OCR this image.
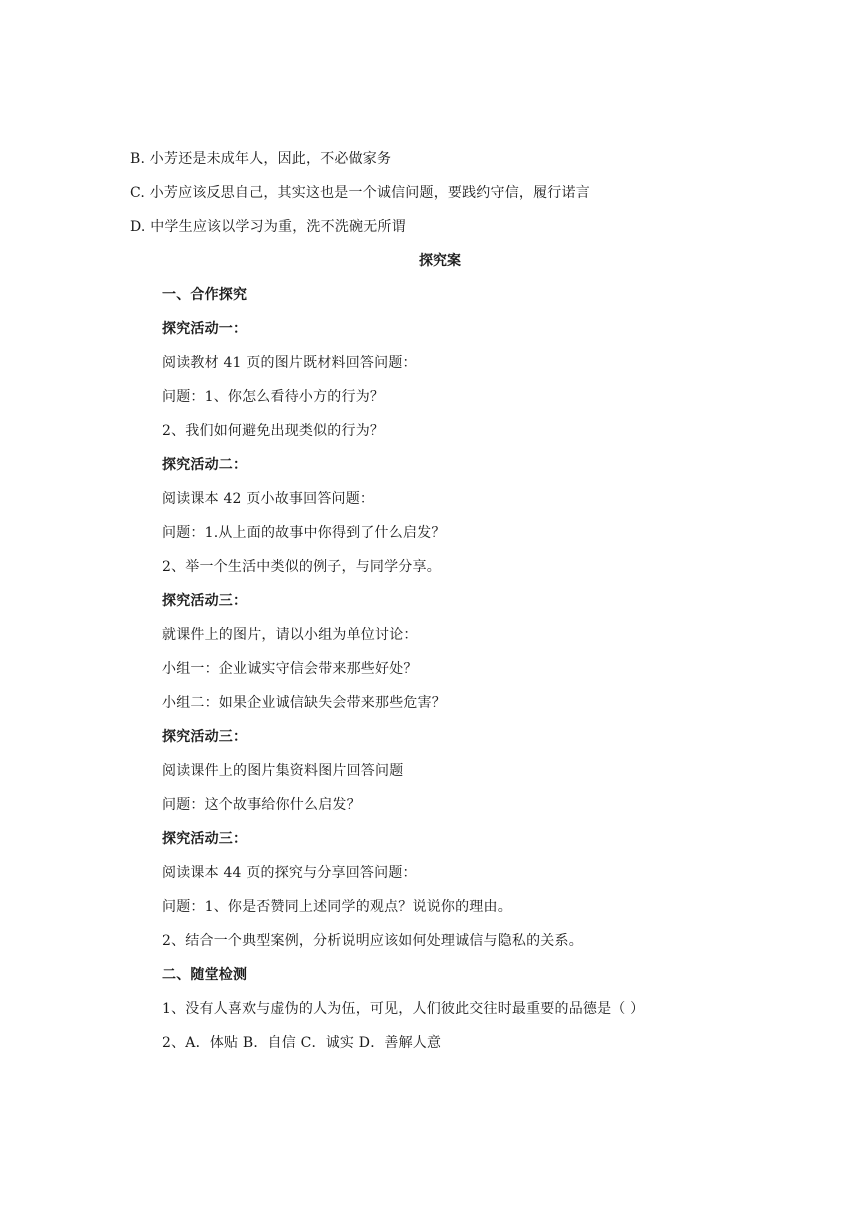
B. 小芳还是未成年人，因此，不必做家务
C. 小芳应该反思自己，其实这也是一个诚信问题，要践约守信，履行诺言
D. 中学生应该以学习为重，洗不洗碗无所谓
探究案
一、合作探究
探究活动一：
阅读教材 41 页的图片既材料回答问题：
问题：1、你怎么看待小方的行为？
2、我们如何避免出现类似的行为？
探究活动二：
阅读课本 42 页小故事回答问题：
问题：1.从上面的故事中你得到了什么启发？
2、举一个生活中类似的例子，与同学分享。
探究活动三：
就课件上的图片，请以小组为单位讨论：
小组一：企业诚实守信会带来那些好处？
小组二：如果企业诚信缺失会带来那些危害？
探究活动三：
阅读课件上的图片集资料图片回答问题
问题：这个故事给你什么启发？
探究活动三：
阅读课本 44 页的探究与分享回答问题：
问题：1、你是否赞同上述同学的观点？说说你的理由。
2、结合一个典型案例，分析说明应该如何处理诚信与隐私的关系。
二、随堂检测
1、没有人喜欢与虚伪的人为伍，可见，人们彼此交往时最重要的品德是（ ）
2、A．体贴 B．自信 C．诚实 D．善解人意
